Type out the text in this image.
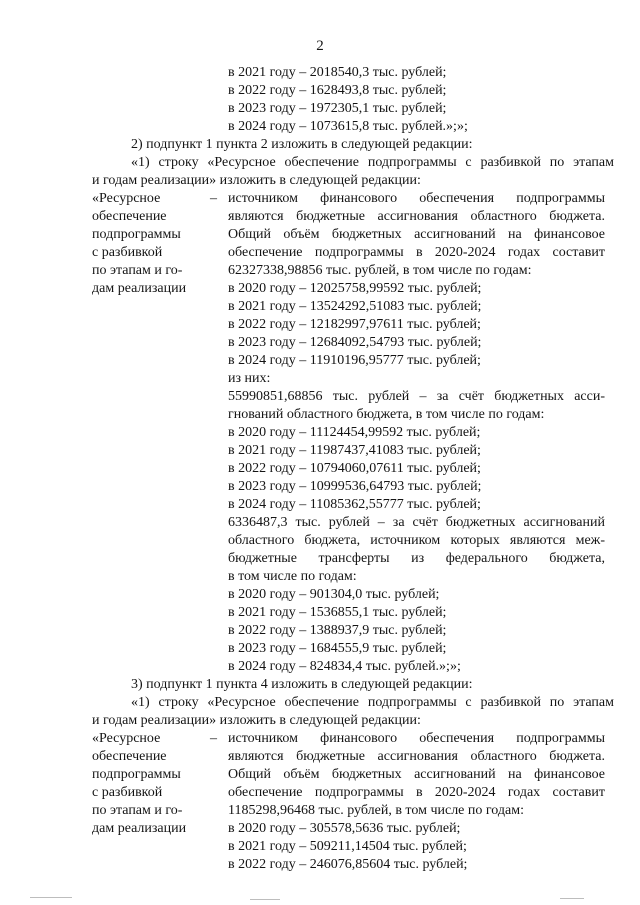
2
в 2021 году – 2018540,3 тыс. рублей;
в 2022 году – 1628493,8 тыс. рублей;
в 2023 году – 1972305,1 тыс. рублей;
в 2024 году – 1073615,8 тыс. рублей.»;»;
2) подпункт 1 пункта 2 изложить в следующей редакции:
«1) строку «Ресурсное обеспечение подпрограммы с разбивкой по этапам
и годам реализации» изложить в следующей редакции:
«Ресурсное
обеспечение
подпрограммы
с разбивкой
по этапам и го-
дам реализации
– источником финансового обеспечения подпрограммы
являются бюджетные ассигнования областного бюджета.
Общий объём бюджетных ассигнований на финансовое
обеспечение подпрограммы в 2020-2024 годах составит
62327338,98856 тыс. рублей, в том числе по годам:
в 2020 году – 12025758,99592 тыс. рублей;
в 2021 году – 13524292,51083 тыс. рублей;
в 2022 году – 12182997,97611 тыс. рублей;
в 2023 году – 12684092,54793 тыс. рублей;
в 2024 году – 11910196,95777 тыс. рублей;
из них:
55990851,68856 тыс. рублей – за счёт бюджетных асси-
гнований областного бюджета, в том числе по годам:
в 2020 году – 11124454,99592 тыс. рублей;
в 2021 году – 11987437,41083 тыс. рублей;
в 2022 году – 10794060,07611 тыс. рублей;
в 2023 году – 10999536,64793 тыс. рублей;
в 2024 году – 11085362,55777 тыс. рублей;
6336487,3 тыс. рублей – за счёт бюджетных ассигнований
областного бюджета, источником которых являются меж-
бюджетные трансферты из федерального бюджета,
в том числе по годам:
в 2020 году – 901304,0 тыс. рублей;
в 2021 году – 1536855,1 тыс. рублей;
в 2022 году – 1388937,9 тыс. рублей;
в 2023 году – 1684555,9 тыс. рублей;
в 2024 году – 824834,4 тыс. рублей.»;»;
3) подпункт 1 пункта 4 изложить в следующей редакции:
«1) строку «Ресурсное обеспечение подпрограммы с разбивкой по этапам
и годам реализации» изложить в следующей редакции:
«Ресурсное
обеспечение
подпрограммы
с разбивкой
по этапам и го-
дам реализации
– источником финансового обеспечения подпрограммы
являются бюджетные ассигнования областного бюджета.
Общий объём бюджетных ассигнований на финансовое
обеспечение подпрограммы в 2020-2024 годах составит
1185298,96468 тыс. рублей, в том числе по годам:
в 2020 году – 305578,5636 тыс. рублей;
в 2021 году – 509211,14504 тыс. рублей;
в 2022 году – 246076,85604 тыс. рублей;
